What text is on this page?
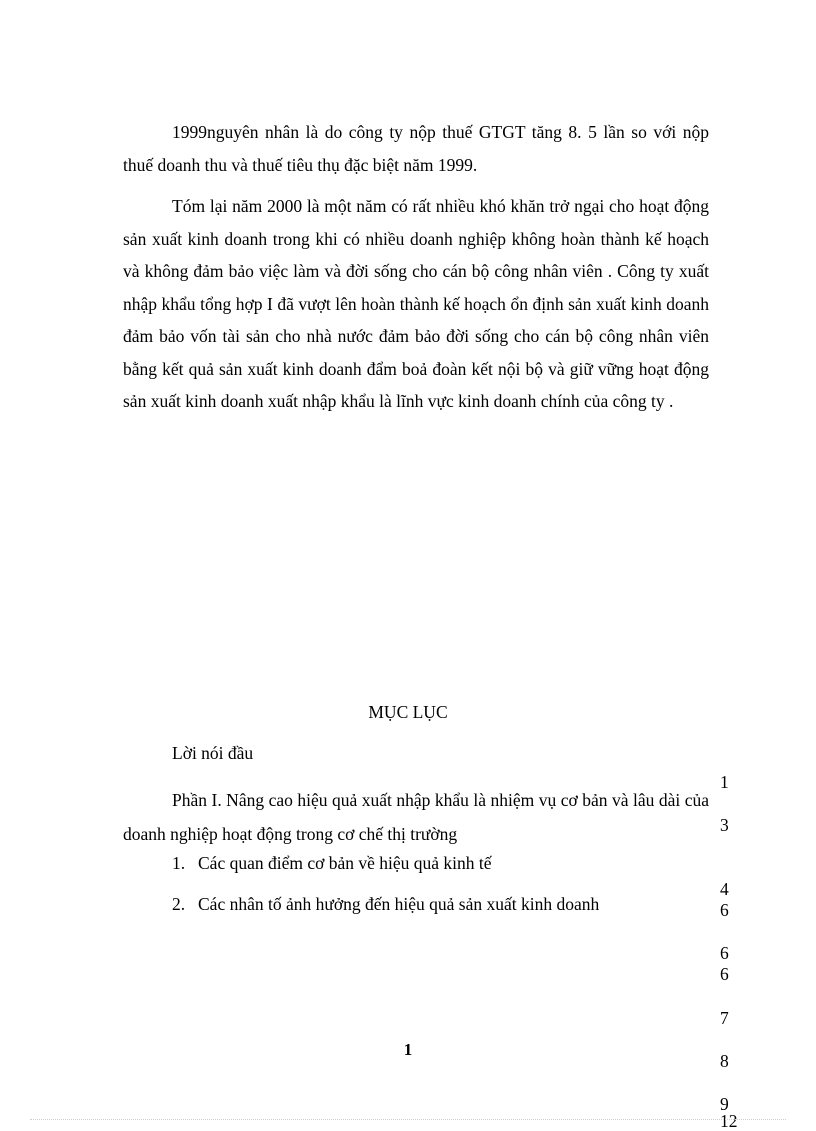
1999nguyên nhân là do công ty nộp thuế GTGT tăng 8. 5 lần so với nộp thuế doanh thu và thuế tiêu thụ đặc biệt năm 1999.

Tóm lại năm 2000 là một năm có rất nhiều khó khăn trở ngại cho hoạt động sản xuất kinh doanh trong khi có nhiều doanh nghiệp không hoàn thành kế hoạch và không đảm bảo việc làm và đời sống cho cán bộ công nhân viên . Công ty xuất nhập khẩu tổng hợp I đã vượt lên hoàn thành kế hoạch ổn định sản xuất kinh doanh đảm bảo vốn tài sản cho nhà nước đảm bảo đời sống cho cán bộ công nhân viên bằng kết quả sản xuất kinh doanh đẩm boả đoàn kết nội bộ và giữ vững hoạt động sản xuất kinh doanh xuất nhập khẩu là lĩnh vực kinh doanh chính của công ty .

MỤC LỤC
Lời nói đầu
Phần I. Nâng cao hiệu quả xuất nhập khẩu là nhiệm vụ cơ bản và lâu dài của doanh nghiệp hoạt động trong cơ chế thị trường
1. Các quan điểm cơ bản về hiệu quả kinh tế
2. Các nhân tố ảnh hưởng đến hiệu quả sản xuất kinh doanh
1
3
4
6
6
6
7
8
9
12
1
